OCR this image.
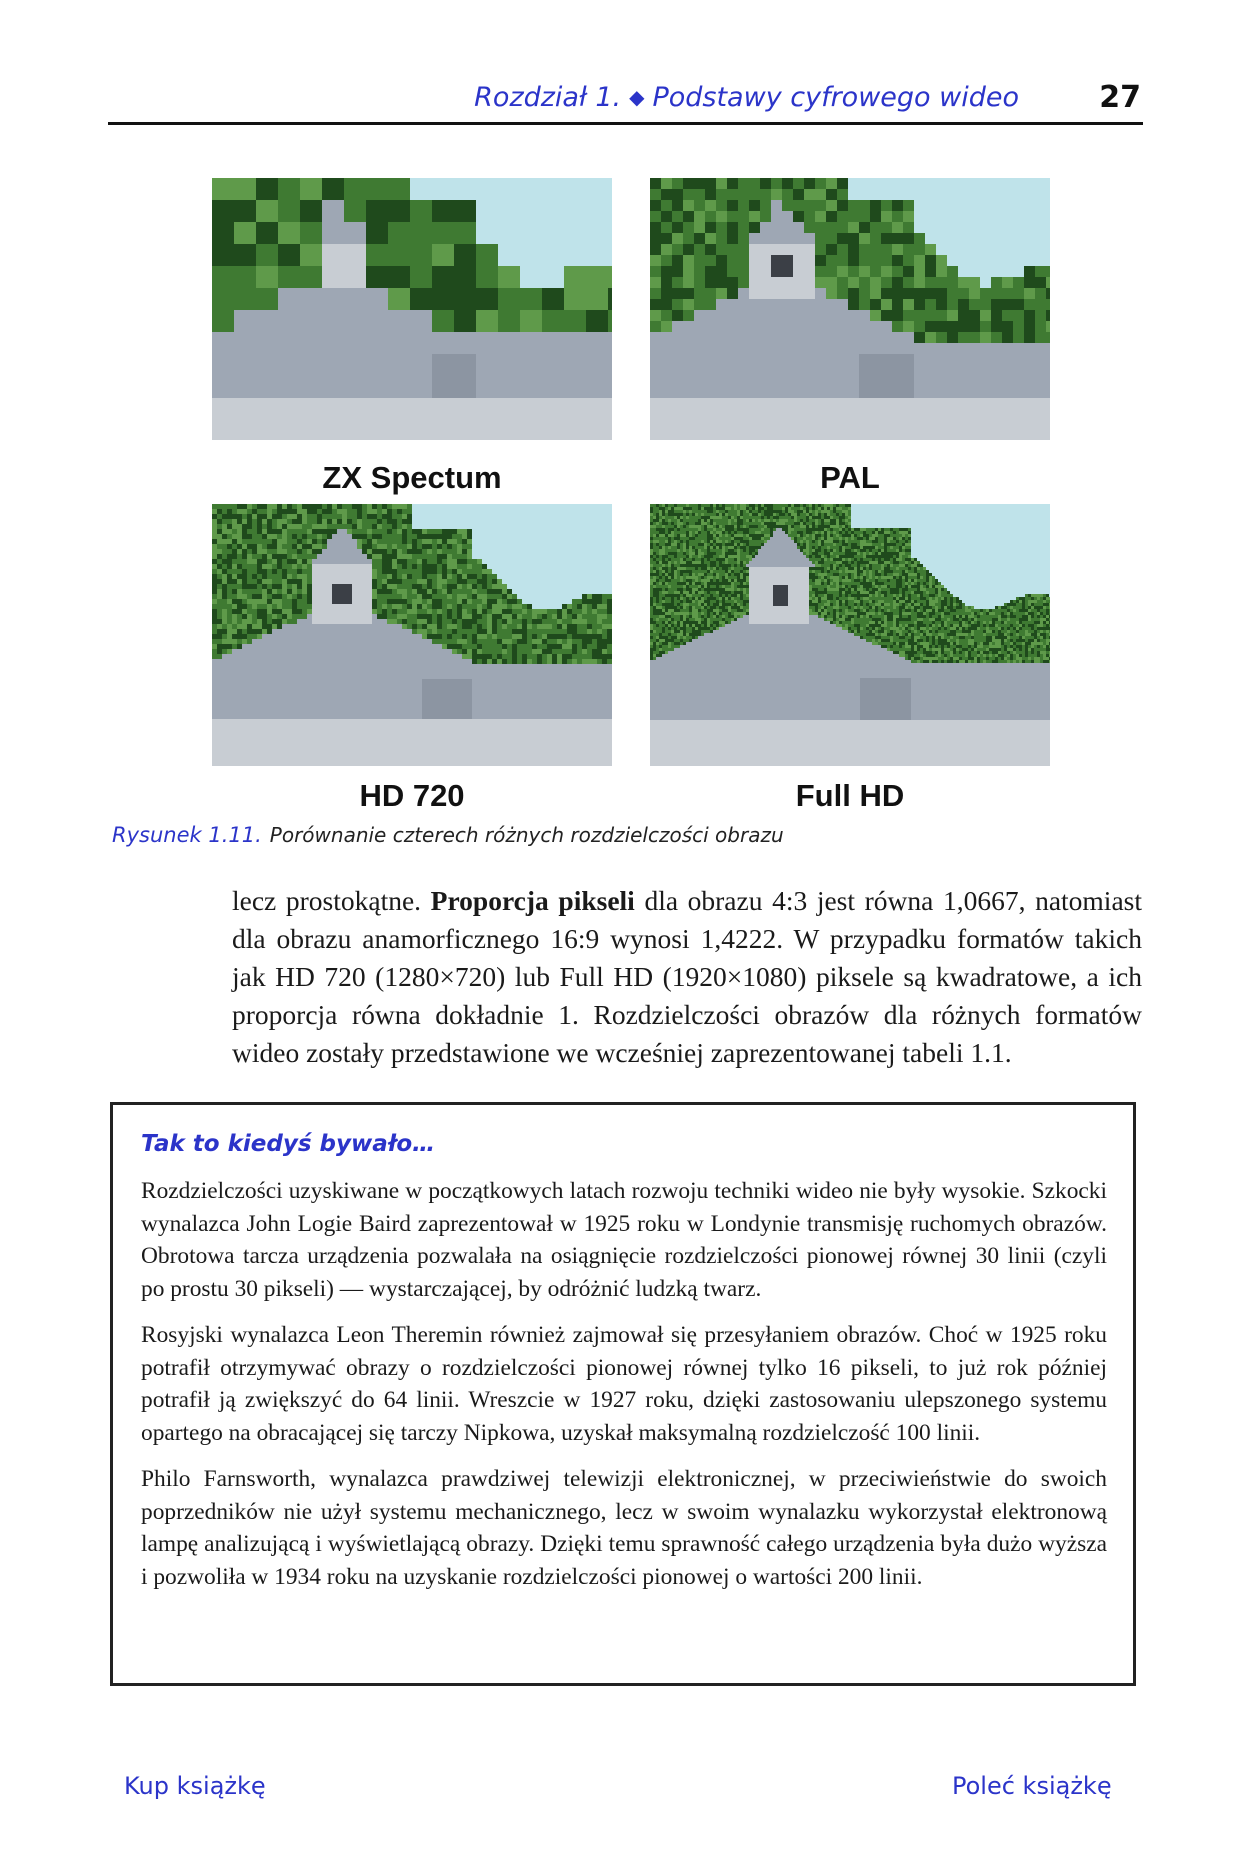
Rozdział 1. ◆ Podstawy cyfrowego wideo	27
ZX Spectum	PAL
HD 720	Full HD
Rysunek 1.11. Porównanie czterech różnych rozdzielczości obrazu

lecz prostokątne. Proporcja pikseli dla obrazu 4:3 jest równa 1,0667, natomiast dla obrazu anamorficznego 16:9 wynosi 1,4222. W przypadku formatów takich jak HD 720 (1280×720) lub Full HD (1920×1080) piksele są kwadratowe, a ich proporcja równa dokładnie 1. Rozdzielczości obrazów dla różnych formatów wideo zostały przedstawione we wcześniej zaprezentowanej tabeli 1.1.

Tak to kiedyś bywało…

Rozdzielczości uzyskiwane w początkowych latach rozwoju techniki wideo nie były wysokie. Szkocki wynalazca John Logie Baird zaprezentował w 1925 roku w Londynie transmisję ruchomych obrazów. Obrotowa tarcza urządzenia pozwalała na osiągnięcie rozdzielczości pionowej równej 30 linii (czyli po prostu 30 pikseli) — wystarczającej, by odróżnić ludzką twarz.

Rosyjski wynalazca Leon Theremin również zajmował się przesyłaniem obrazów. Choć w 1925 roku potrafił otrzymywać obrazy o rozdzielczości pionowej równej tylko 16 pikseli, to już rok później potrafił ją zwiększyć do 64 linii. Wreszcie w 1927 roku, dzięki zastosowaniu ulepszonego systemu opartego na obracającej się tarczy Nipkowa, uzyskał maksymalną rozdzielczość 100 linii.

Philo Farnsworth, wynalazca prawdziwej telewizji elektronicznej, w przeciwieństwie do swoich poprzedników nie użył systemu mechanicznego, lecz w swoim wynalazku wykorzystał elektronową lampę analizującą i wyświetlającą obrazy. Dzięki temu sprawność całego urządzenia była dużo wyższa i pozwoliła w 1934 roku na uzyskanie rozdzielczości pionowej o wartości 200 linii.

Kup książkę	Poleć książkę
